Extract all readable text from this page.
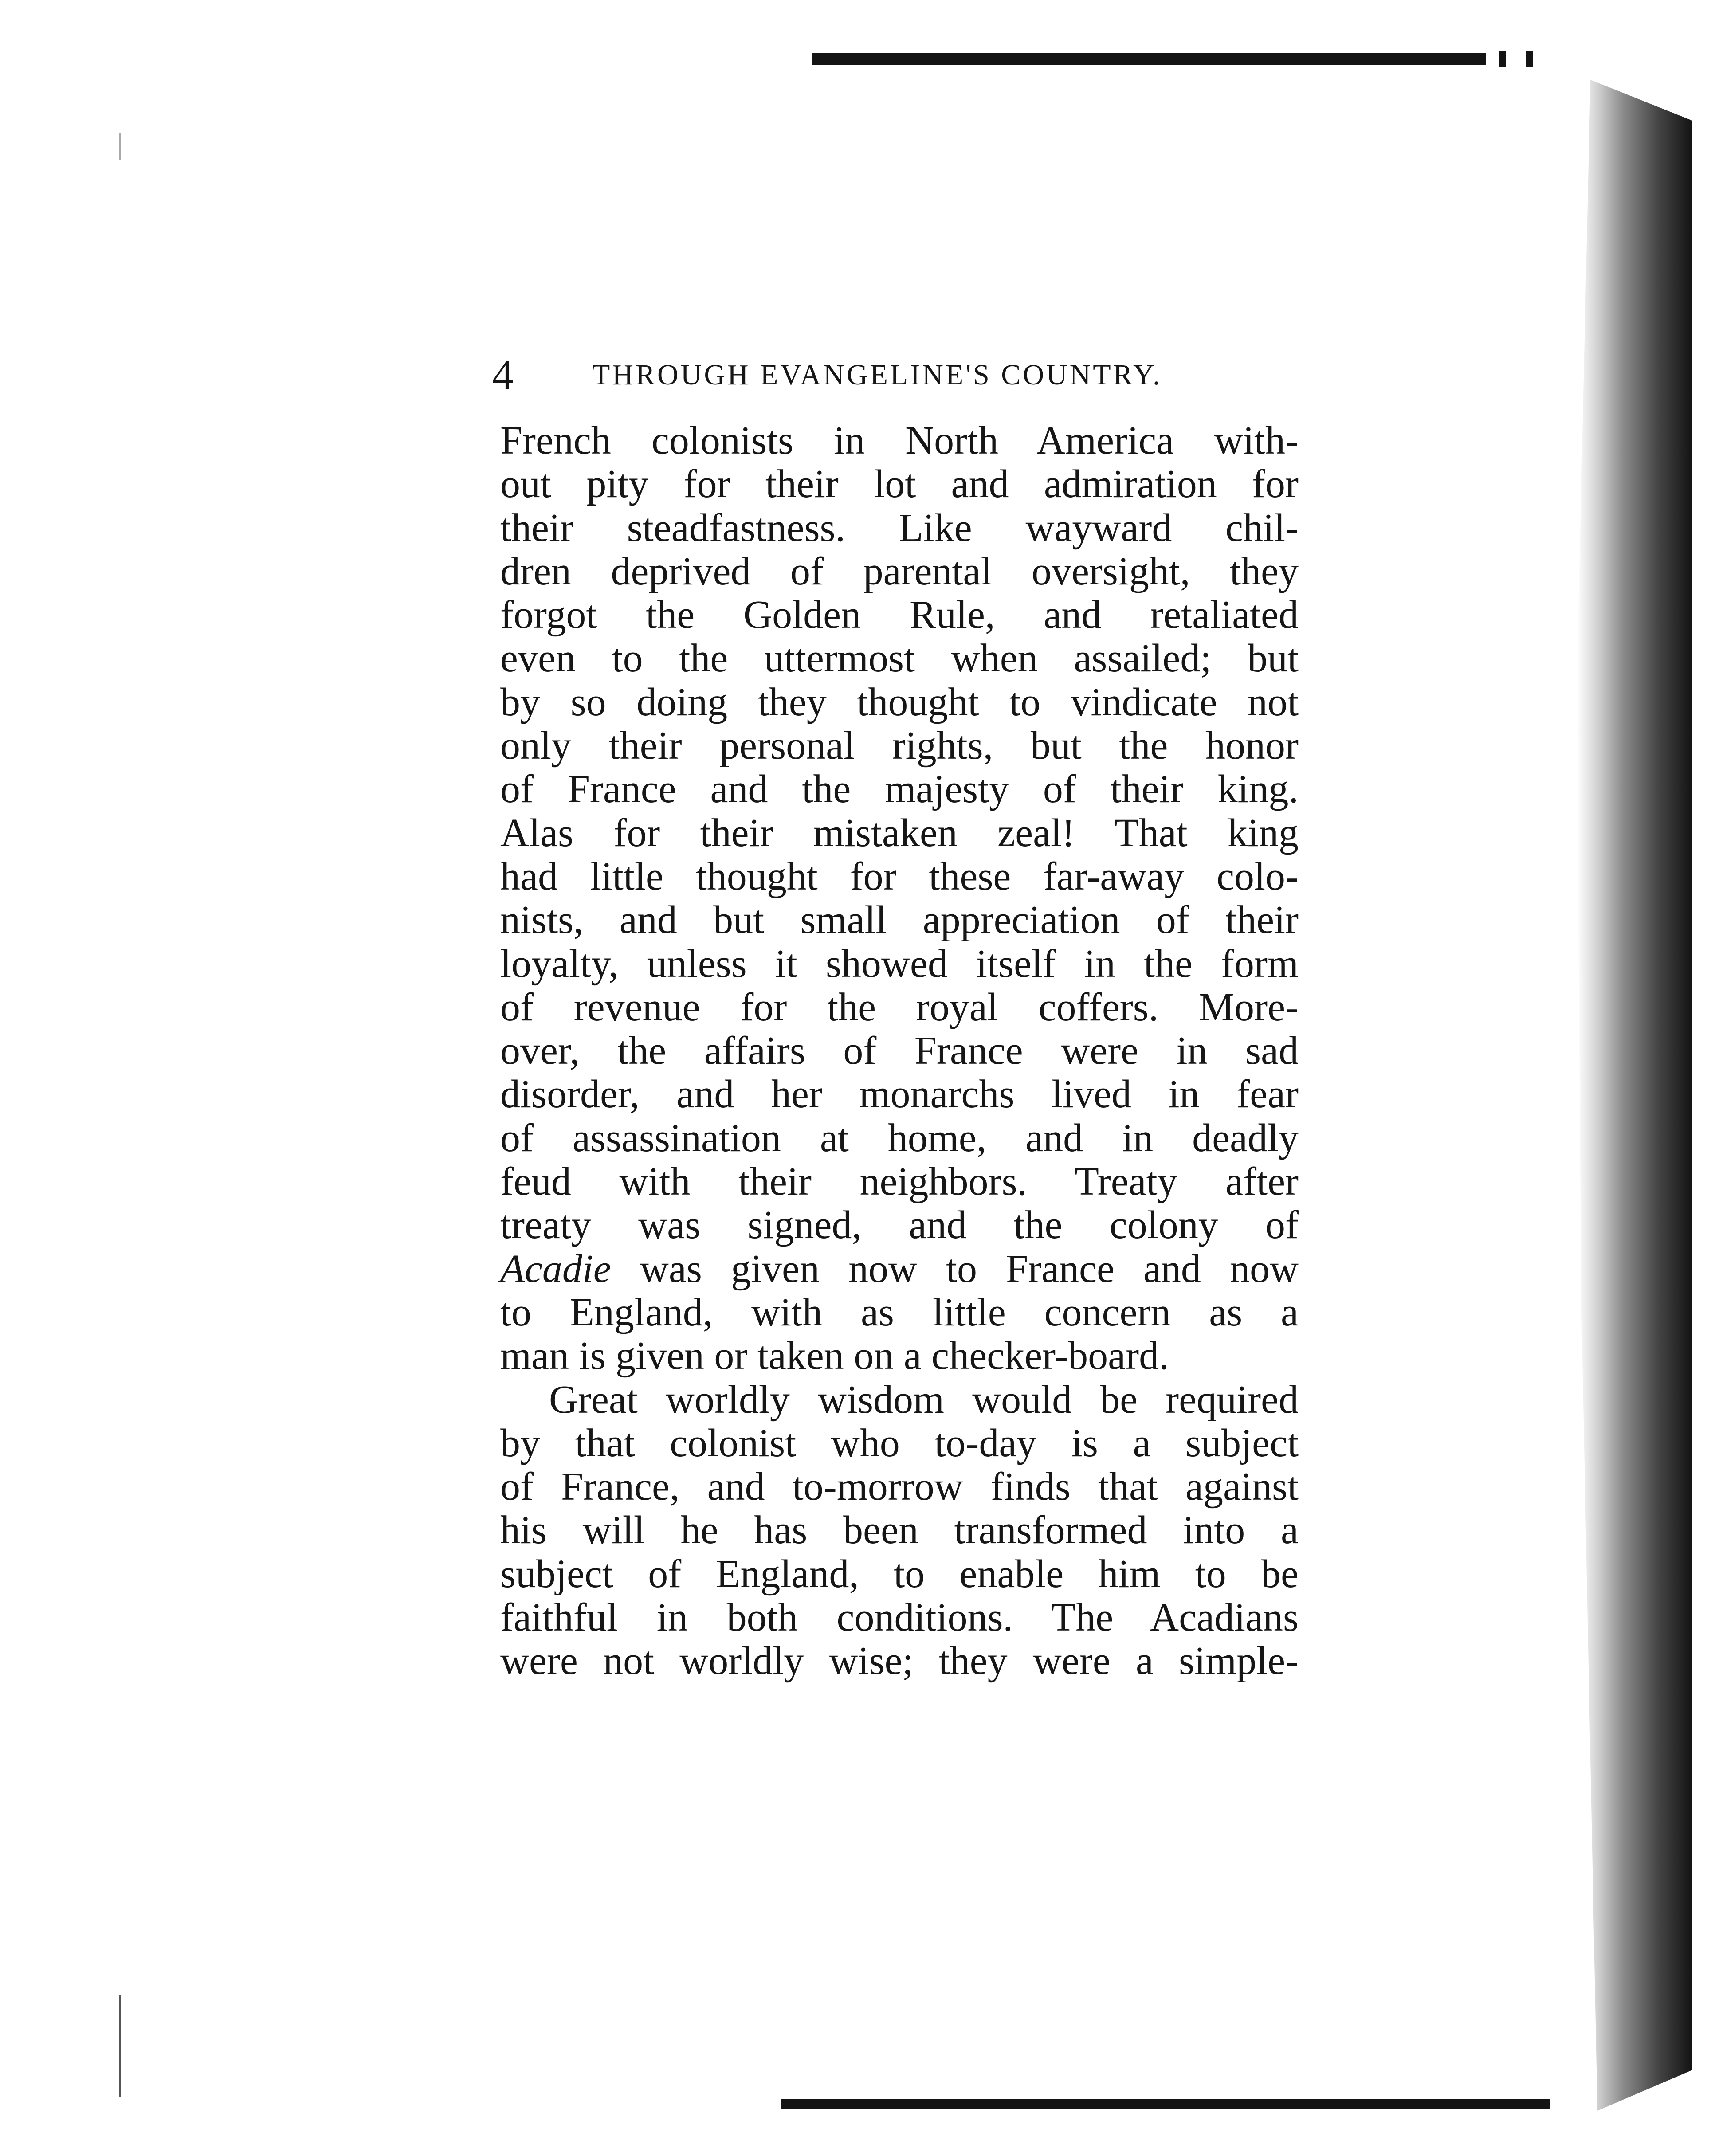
4	THROUGH EVANGELINE'S COUNTRY.
French colonists in North America with-
out pity for their lot and admiration for
their steadfastness. Like wayward chil-
dren deprived of parental oversight, they
forgot the Golden Rule, and retaliated
even to the uttermost when assailed; but
by so doing they thought to vindicate not
only their personal rights, but the honor
of France and the majesty of their king.
Alas for their mistaken zeal! That king
had little thought for these far-away colo-
nists, and but small appreciation of their
loyalty, unless it showed itself in the form
of revenue for the royal coffers. More-
over, the affairs of France were in sad
disorder, and her monarchs lived in fear
of assassination at home, and in deadly
feud with their neighbors. Treaty after
treaty was signed, and the colony of
Acadie was given now to France and now
to England, with as little concern as a
man is given or taken on a checker-board.
Great worldly wisdom would be required
by that colonist who to-day is a subject
of France, and to-morrow finds that against
his will he has been transformed into a
subject of England, to enable him to be
faithful in both conditions. The Acadians
were not worldly wise; they were a simple-
